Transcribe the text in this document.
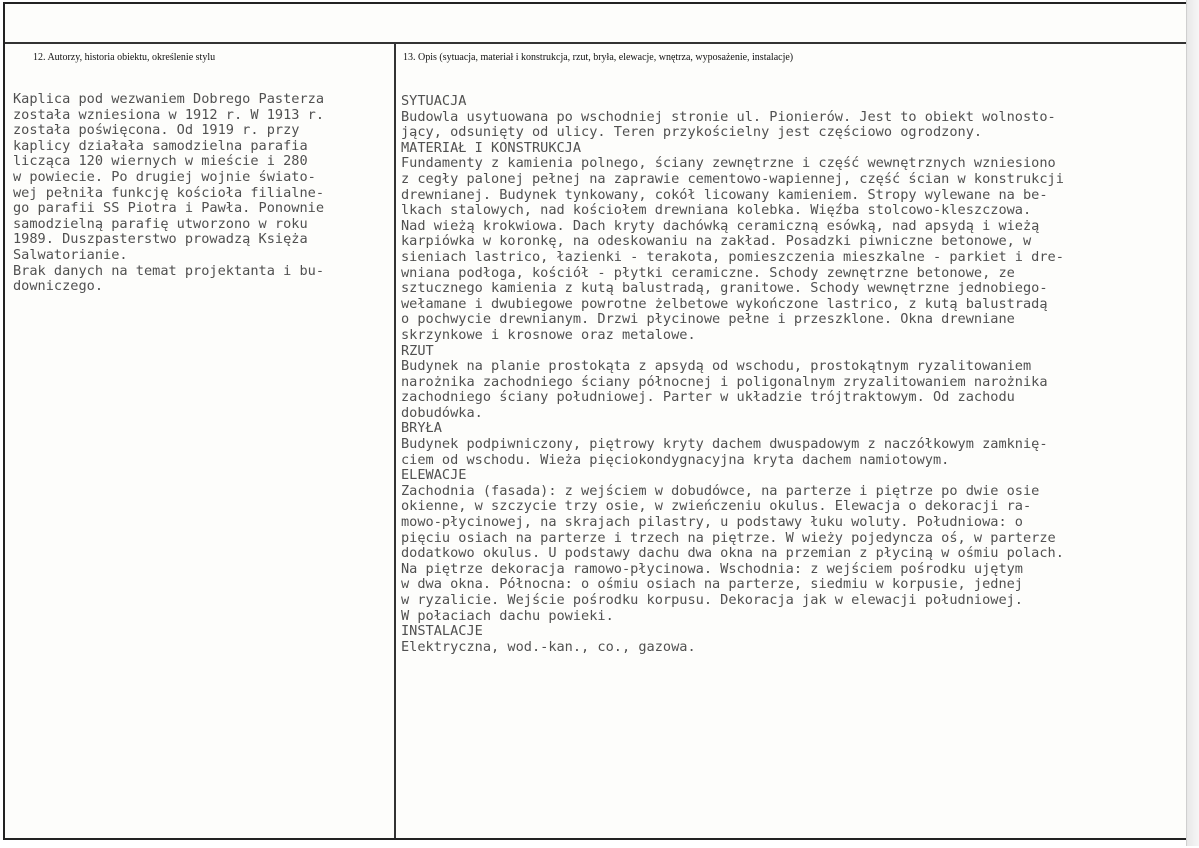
12. Autorzy, historia obiektu, określenie stylu	13. Opis (sytuacja, materiał i konstrukcja, rzut, bryła, elewacje, wnętrza, wyposażenie, instalacje)
Kaplica pod wezwaniem Dobrego Pasterza
została wzniesiona w 1912 r. W 1913 r.
została poświęcona. Od 1919 r. przy
kaplicy działała samodzielna parafia
licząca 120 wiernych w mieście i 280
w powiecie. Po drugiej wojnie świato-
wej pełniła funkcję kościoła filialne-
go parafii SS Piotra i Pawła. Ponownie
samodzielną parafię utworzono w roku
1989. Duszpasterstwo prowadzą Księża
Salwatorianie.
Brak danych na temat projektanta i bu-
downiczego.
SYTUACJA
Budowla usytuowana po wschodniej stronie ul. Pionierów. Jest to obiekt wolnosto-
jący, odsunięty od ulicy. Teren przykościelny jest częściowo ogrodzony.
MATERIAŁ I KONSTRUKCJA
Fundamenty z kamienia polnego, ściany zewnętrzne i część wewnętrznych wzniesiono
z cegły palonej pełnej na zaprawie cementowo-wapiennej, część ścian w konstrukcji
drewnianej. Budynek tynkowany, cokół licowany kamieniem. Stropy wylewane na be-
lkach stalowych, nad kościołem drewniana kolebka. Więźba stolcowo-kleszczowa.
Nad wieżą krokwiowa. Dach kryty dachówką ceramiczną esówką, nad apsydą i wieżą
karpiówka w koronkę, na odeskowaniu na zakład. Posadzki piwniczne betonowe, w
sieniach lastrico, łazienki - terakota, pomieszczenia mieszkalne - parkiet i dre-
wniana podłoga, kościół - płytki ceramiczne. Schody zewnętrzne betonowe, ze
sztucznego kamienia z kutą balustradą, granitowe. Schody wewnętrzne jednobiego-
wełamane i dwubiegowe powrotne żelbetowe wykończone lastrico, z kutą balustradą
o pochwycie drewnianym. Drzwi płycinowe pełne i przeszklone. Okna drewniane
skrzynkowe i krosnowe oraz metalowe.
RZUT
Budynek na planie prostokąta z apsydą od wschodu, prostokątnym ryzalitowaniem
narożnika zachodniego ściany północnej i poligonalnym zryzalitowaniem narożnika
zachodniego ściany południowej. Parter w układzie trójtraktowym. Od zachodu
dobudówka.
BRYŁA
Budynek podpiwniczony, piętrowy kryty dachem dwuspadowym z naczółkowym zamknię-
ciem od wschodu. Wieża pięciokondygnacyjna kryta dachem namiotowym.
ELEWACJE
Zachodnia (fasada): z wejściem w dobudówce, na parterze i piętrze po dwie osie
okienne, w szczycie trzy osie, w zwieńczeniu okulus. Elewacja o dekoracji ra-
mowo-płycinowej, na skrajach pilastry, u podstawy łuku woluty. Południowa: o
pięciu osiach na parterze i trzech na piętrze. W wieży pojedyncza oś, w parterze
dodatkowo okulus. U podstawy dachu dwa okna na przemian z płyciną w ośmiu polach.
Na piętrze dekoracja ramowo-płycinowa. Wschodnia: z wejściem pośrodku ujętym
w dwa okna. Północna: o ośmiu osiach na parterze, siedmiu w korpusie, jednej
w ryzalicie. Wejście pośrodku korpusu. Dekoracja jak w elewacji południowej.
W połaciach dachu powieki.
INSTALACJE
Elektryczna, wod.-kan., co., gazowa.
